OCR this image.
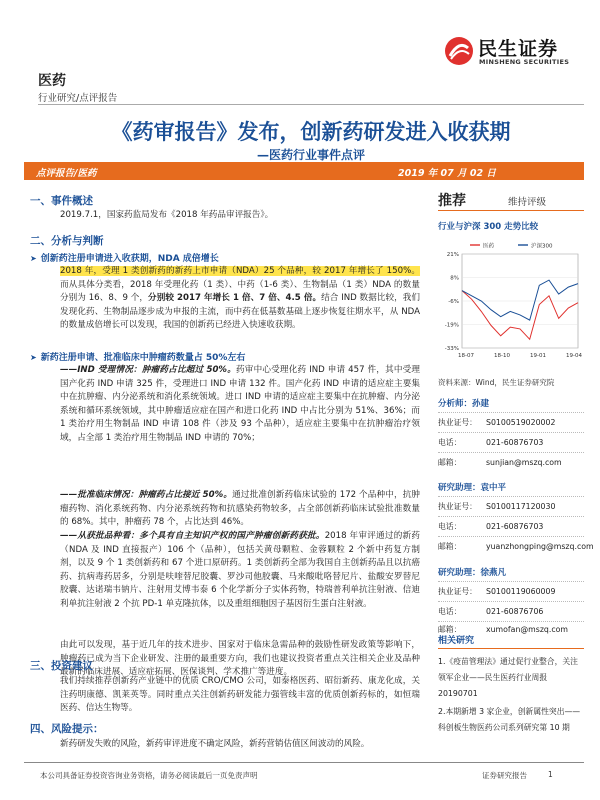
民生证券
MINSHENG SECURITIES
医药
行业研究/点评报告
《药审报告》发布，创新药研发进入收获期
—医药行业事件点评
点评报告/医药	2019 年 07 月 02 日
一、事件概述
2019.7.1，国家药监局发布《2018 年药品审评报告》。
二、分析与判断
➤ 创新药注册申请进入收获期，NDA 成倍增长
2018 年，受理 1 类创新药的新药上市申请（NDA）25 个品种，较 2017 年增长了 150%。而从具体分类看，2018 年受理化药（1 类）、中药（1-6 类）、生物制品（1 类）NDA 的数量分别为 16、8、9 个，分别较 2017 年增长 1 倍、7 倍、4.5 倍。结合 IND 数据比较，我们发现化药、生物制品逐步成为申报的主流，而中药在低基数基础上逐步恢复往期水平，从 NDA 的数量成倍增长可以发现，我国的创新药已经进入快速收获期。
➤ 新药注册申请、批准临床中肿瘤药数量占 50%左右
——IND 受理情况：肿瘤药占比超过 50%。药审中心受理化药 IND 申请 457 件，其中受理国产化药 IND 申请 325 件，受理进口 IND 申请 132 件。国产化药 IND 申请的适应症主要集中在抗肿瘤、内分泌系统和消化系统领域。进口 IND 申请的适应症主要集中在抗肿瘤、内分泌系统和循环系统领域，其中肿瘤适应症在国产和进口化药 IND 中占比分别为 51%、36%；而 1 类治疗用生物制品 IND 申请 108 件（涉及 93 个品种），适应症主要集中在抗肿瘤治疗领域，占全部 1 类治疗用生物制品 IND 申请的 70%；
——批准临床情况：肿瘤药占比接近 50%。通过批准创新药临床试验的 172 个品种中，抗肿瘤药物、消化系统药物、内分泌系统药物和抗感染药物较多，占全部创新药临床试验批准数量的 68%。其中，肿瘤药 78 个，占比达到 46%。
——从获批品种看：多个具有自主知识产权的国产肿瘤创新药获批。2018 年审评通过的新药（NDA 及 IND 直接报产）106 个（品种），包括关黄母颗粒、金蓉颗粒 2 个新中药复方制剂，以及 9 个 1 类创新药和 67 个进口原研药。1 类创新药全部为我国自主创新药品且以抗癌药、抗病毒药居多，分别是呋喹替尼胶囊、罗沙司他胶囊、马来酸吡咯替尼片、盐酸安罗替尼胶囊、达诺瑞韦钠片、注射用艾博韦泰 6 个化学新分子实体药物，特瑞普利单抗注射液、信迪利单抗注射液 2 个抗 PD-1 单克隆抗体，以及重组细胞因子基因衍生蛋白注射液。
由此可以发现，基于近几年的技术进步、国家对于临床急需品种的鼓励性研发政策等影响下，肿瘤药已成为当下企业研发、注册的最重要方向，我们也建议投资者重点关注相关企业及品种最新的临床进展、适应症拓展、医保谈判、学术推广等进度。
三、投资建议
我们持续推荐创新药产业链中的优质 CRO/CMO 公司，如泰格医药、昭衍新药、康龙化成，关注药明康德、凯莱英等。同时重点关注创新药研发能力强管线丰富的优质创新药标的，如恒瑞医药、信达生物等。
四、风险提示：
新药研发失败的风险，新药审评进度不确定风险，新药营销估值区间波动的风险。
推荐	维持评级
行业与沪深 300 走势比较
医药	沪深300
21%
8%
-6%
-19%
-33%
18-07	18-10	19-01	19-04
资料来源：Wind，民生证券研究院
分析师：孙建
执业证号： S0100519020002
电话：	021-60876703
邮箱：	sunjian@mszq.com
研究助理：袁中平
执业证号： S0100117120030
电话：	021-60876703
邮箱：	yuanzhongping@mszq.com
研究助理：徐燕凡
执业证号： S0100119060009
电话：	021-60876706
邮箱：	xumofan@mszq.com
相关研究
1.《疫苗管理法》通过促行业整合，关注领军企业——民生医药行业周报 20190701
2.本期新增 3 家企业，创新属性突出——科创板生物医药公司系列研究第 10 期
本公司具备证券投资咨询业务资格，请务必阅读最后一页免责声明	证券研究报告	1
